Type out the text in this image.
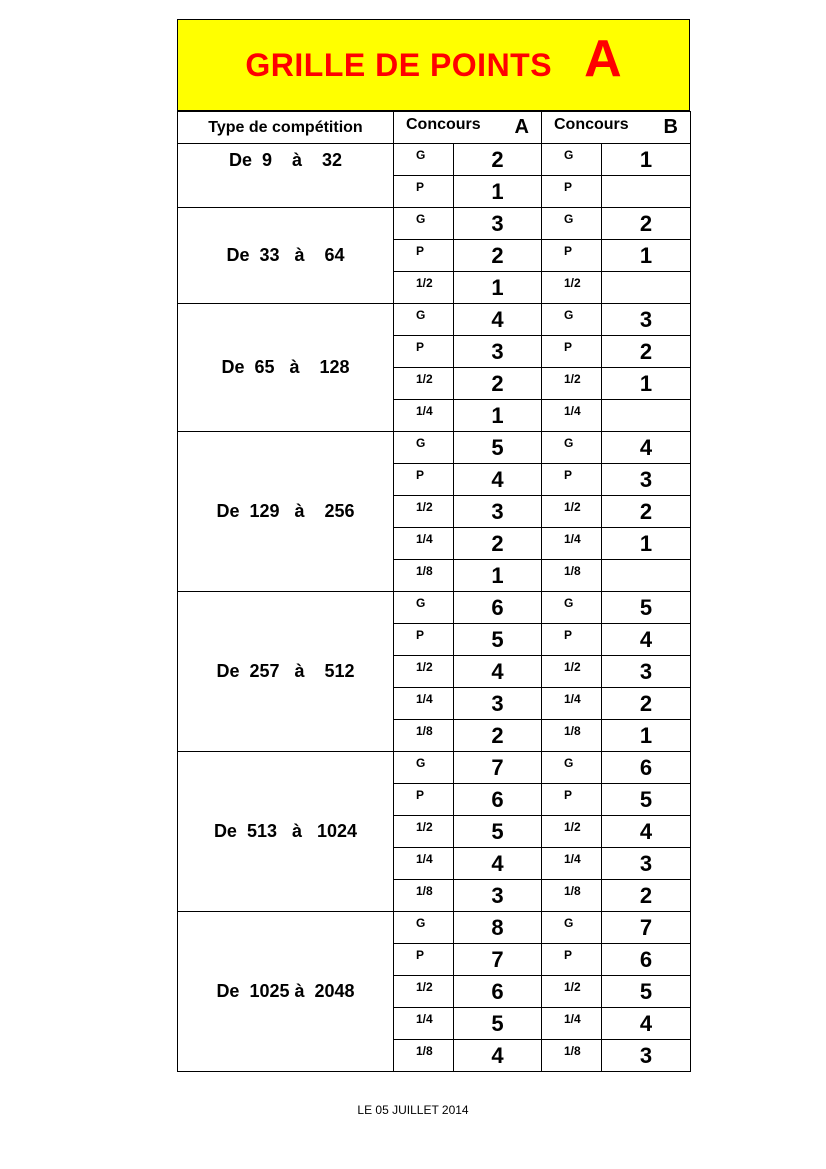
GRILLE DE POINTS A
Type de compétition	Concours A		Concours B	

De  9    à    32	G	2	G	1
	P	1	P	
De  33   à    64	G	3	G	2
	P	2	P	1
	1/2	1	1/2	
De  65   à    128	G	4	G	3
	P	3	P	2
	1/2	2	1/2	1
	1/4	1	1/4	
De  129   à    256	G	5	G	4
	P	4	P	3
	1/2	3	1/2	2
	1/4	2	1/4	1
	1/8	1	1/8	
De  257   à    512	G	6	G	5
	P	5	P	4
	1/2	4	1/2	3
	1/4	3	1/4	2
	1/8	2	1/8	1
De  513   à   1024	G	7	G	6
	P	6	P	5
	1/2	5	1/2	4
	1/4	4	1/4	3
	1/8	3	1/8	2
De  1025 à  2048	G	8	G	7
	P	7	P	6
	1/2	6	1/2	5
	1/4	5	1/4	4
	1/8	4	1/8	3
LE 05 JUILLET 2014
